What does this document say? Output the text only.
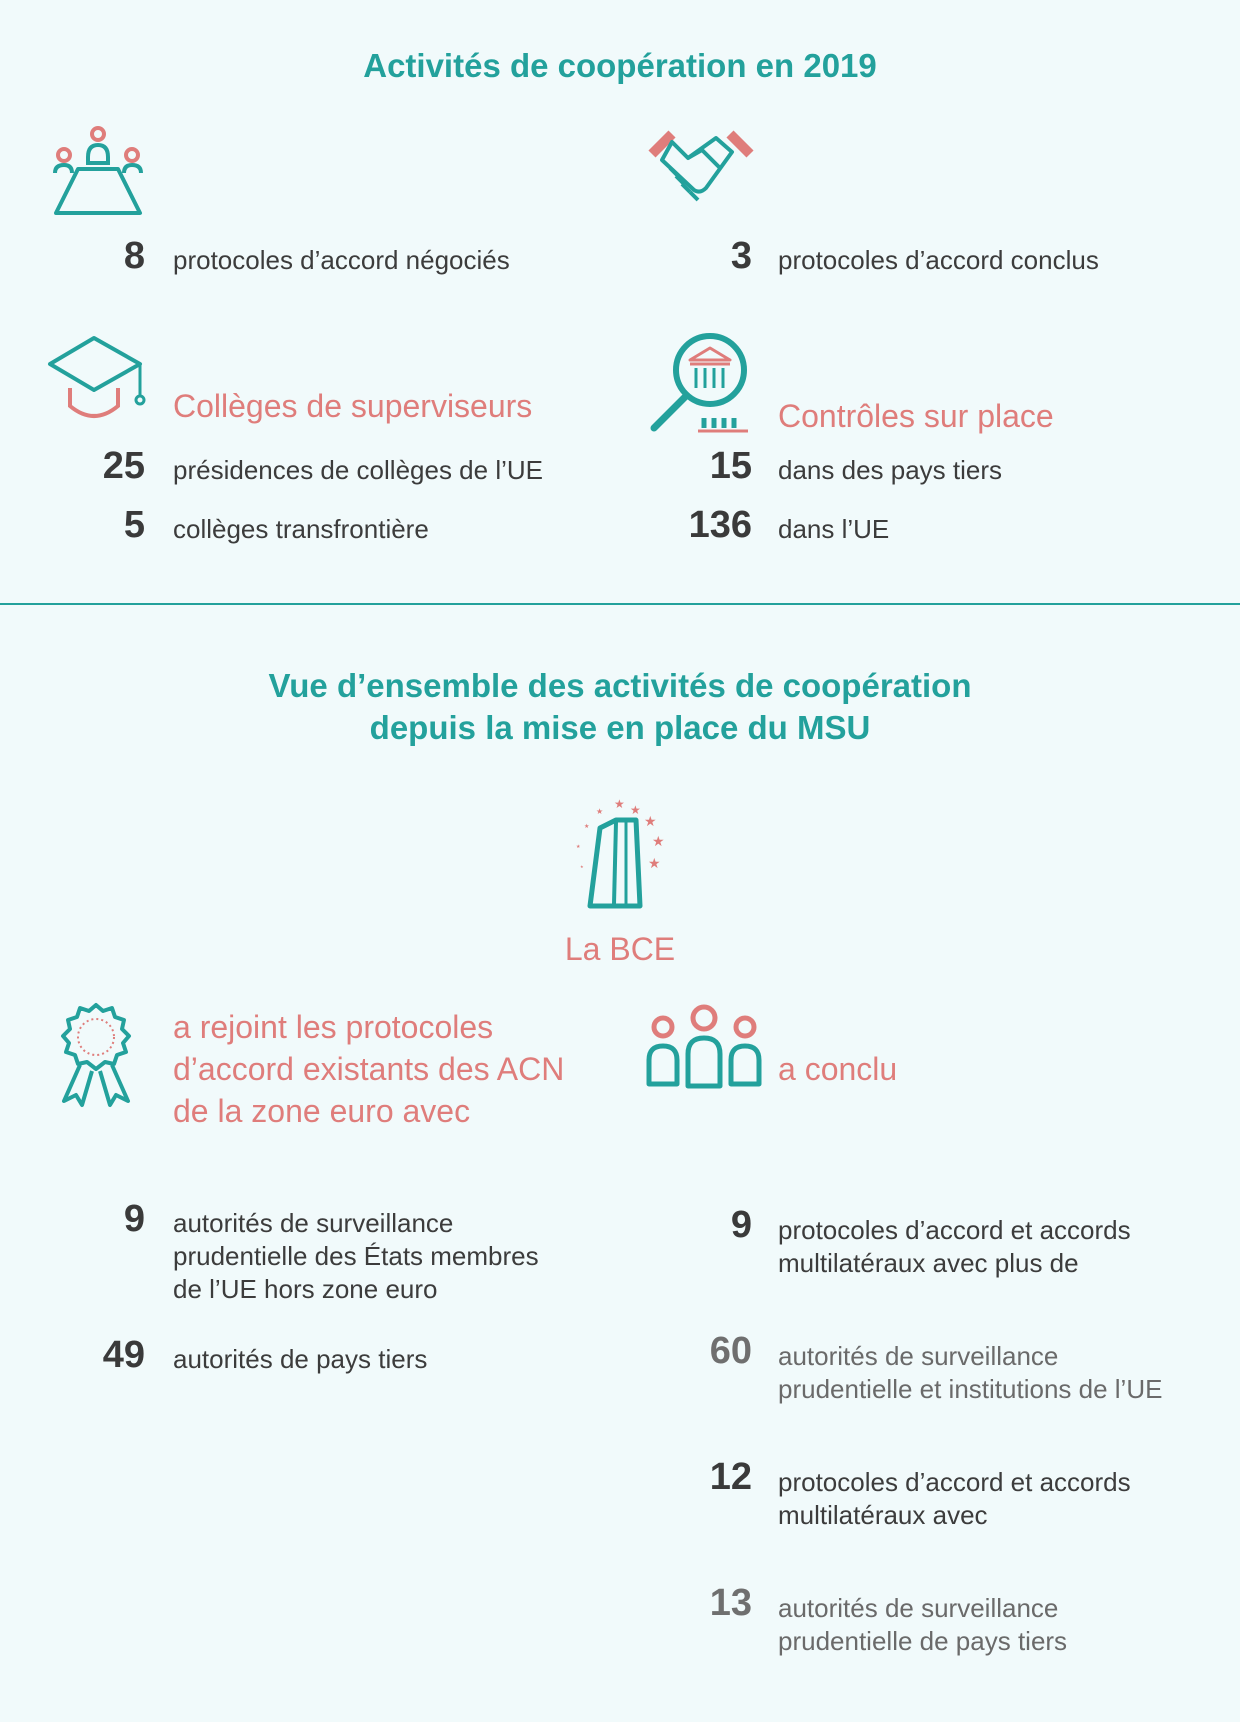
Activités de coopération en 2019
8 protocoles d’accord négociés	3 protocoles d’accord conclus
Collèges de superviseurs
25 présidences de collèges de l’UE
5 collèges transfrontière
Contrôles sur place
15 dans des pays tiers
136 dans l’UE
Vue d’ensemble des activités de coopération
depuis la mise en place du MSU
★ ★
★
★
★
★
★
★
★
La BCE
a rejoint les protocoles
d’accord existants des ACN
de la zone euro avec
a conclu
9 autorités de surveillance
prudentielle des États membres
de l’UE hors zone euro
49 autorités de pays tiers
9 protocoles d’accord et accords
multilatéraux avec plus de
60 autorités de surveillance
prudentielle et institutions de l’UE
12 protocoles d’accord et accords
multilatéraux avec
13 autorités de surveillance
prudentielle de pays tiers
